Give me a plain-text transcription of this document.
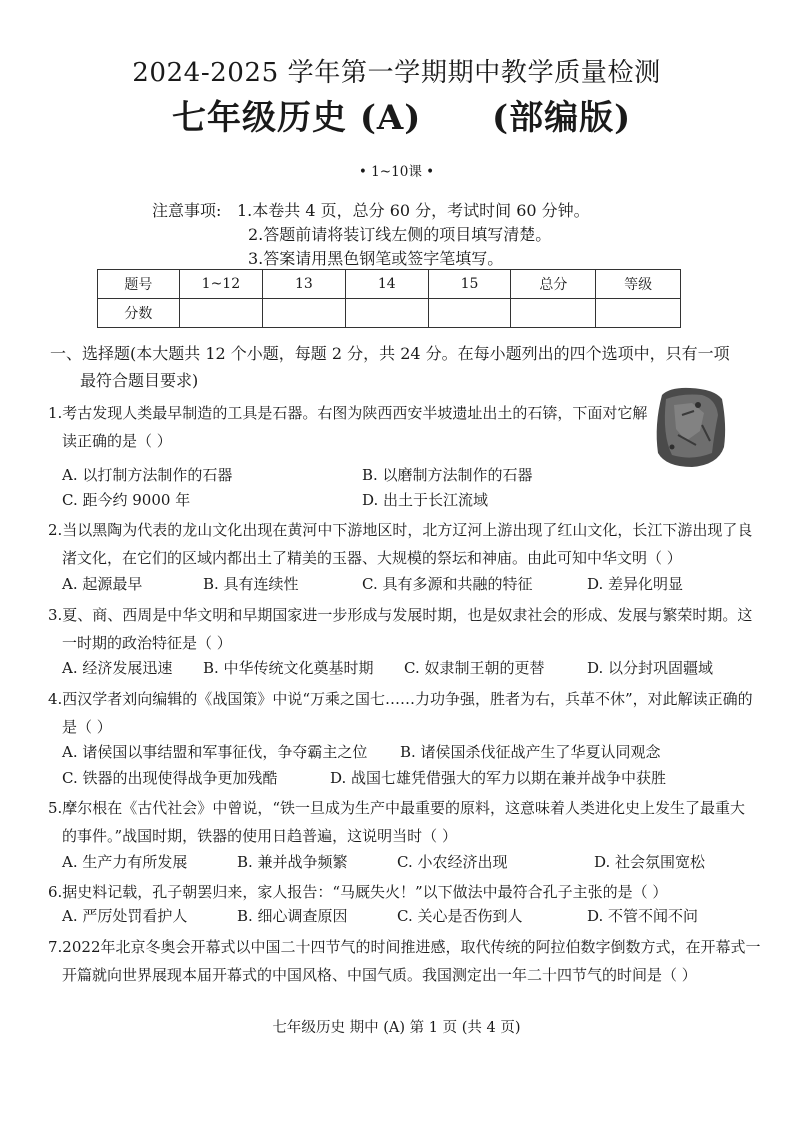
2024-2025 学年第一学期期中教学质量检测
七年级历史 (A) (部编版)
• 1~10课 •
注意事项: 1.本卷共 4 页，总分 60 分，考试时间 60 分钟。
2.答题前请将装订线左侧的项目填写清楚。
3.答案请用黑色钢笔或签字笔填写。
题号	1~12	13	14	15	总分	等级
分数						
一、选择题(本大题共 12 个小题，每题 2 分，共 24 分。在每小题列出的四个选项中，只有一项
最符合题目要求)
1.考古发现人类最早制造的工具是石器。右图为陕西西安半坡遗址出土的石锛，下面对它解
读正确的是（ ）
A. 以打制方法制作的石器	B. 以磨制方法制作的石器
C. 距今约 9000 年	D. 出土于长江流域
2.当以黑陶为代表的龙山文化出现在黄河中下游地区时，北方辽河上游出现了红山文化，长江下游出现了良
渚文化，在它们的区域内都出土了精美的玉器、大规模的祭坛和神庙。由此可知中华文明（ ）
A. 起源最早	B. 具有连续性	C. 具有多源和共融的特征	D. 差异化明显
3.夏、商、西周是中华文明和早期国家进一步形成与发展时期，也是奴隶社会的形成、发展与繁荣时期。这
一时期的政治特征是（ ）
A. 经济发展迅速 B. 中华传统文化奠基时期 C. 奴隶制王朝的更替	D. 以分封巩固疆域
4.西汉学者刘向编辑的《战国策》中说“万乘之国七……力功争强，胜者为右，兵革不休”，对此解读正确的
是（ ）
A. 诸侯国以事结盟和军事征伐，争夺霸主之位 B. 诸侯国杀伐征战产生了华夏认同观念
C. 铁器的出现使得战争更加残酷	D. 战国七雄凭借强大的军力以期在兼并战争中获胜
5.摩尔根在《古代社会》中曾说，“铁一旦成为生产中最重要的原料，这意味着人类进化史上发生了最重大
的事件。”战国时期，铁器的使用日趋普遍，这说明当时（ ）
A. 生产力有所发展	B. 兼并战争频繁	C. 小农经济出现	D. 社会氛围宽松
6.据史料记载，孔子朝罢归来，家人报告：“马厩失火！”以下做法中最符合孔子主张的是（ ）
A. 严厉处罚看护人	B. 细心调查原因	C. 关心是否伤到人	D. 不管不闻不问
7.2022年北京冬奥会开幕式以中国二十四节气的时间推进感，取代传统的阿拉伯数字倒数方式，在开幕式一
开篇就向世界展现本届开幕式的中国风格、中国气质。我国测定出一年二十四节气的时间是（ ）
七年级历史 期中 (A) 第 1 页 (共 4 页)
